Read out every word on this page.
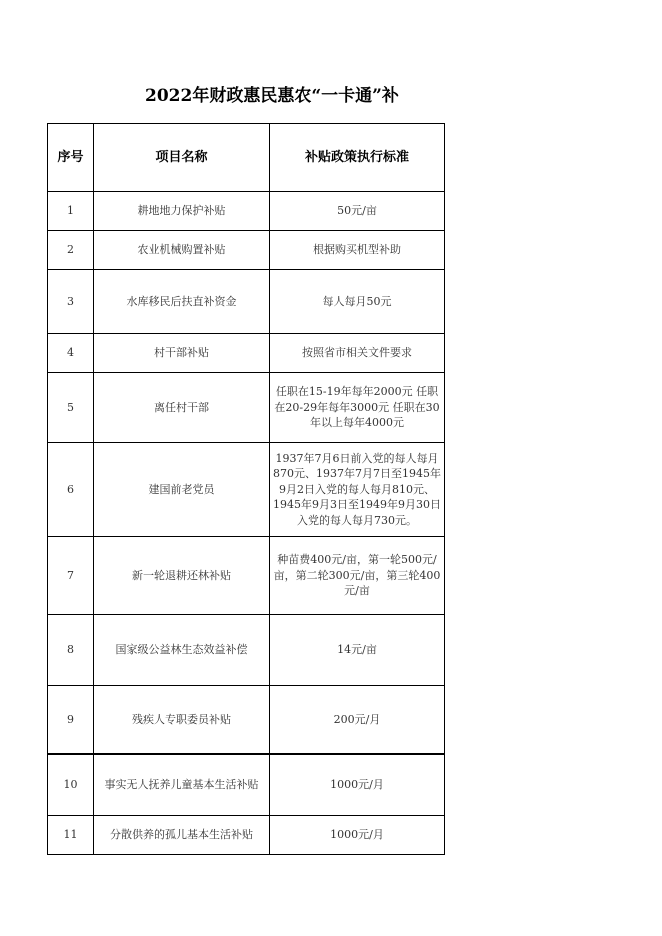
2022年财政惠民惠农“一卡通”补
序号	项目名称	补贴政策执行标准
1	耕地地力保护补贴	50元/亩
2	农业机械购置补贴	根据购买机型补助
3	水库移民后扶直补资金	每人每月50元
4	村干部补贴	按照省市相关文件要求
5	离任村干部	任职在15-19年每年2000元 任职在20-29年每年3000元 任职在30年以上每年4000元
6	建国前老党员	1937年7月6日前入党的每人每月870元、1937年7月7日至1945年9月2日入党的每人每月810元、1945年9月3日至1949年9月30日入党的每人每月730元。
7	新一轮退耕还林补贴	种苗费400元/亩，第一轮500元/亩，第二轮300元/亩，第三轮400元/亩
8	国家级公益林生态效益补偿	14元/亩
9	残疾人专职委员补贴	200元/月
10	事实无人抚养儿童基本生活补贴	1000元/月
11	分散供养的孤儿基本生活补贴	1000元/月
